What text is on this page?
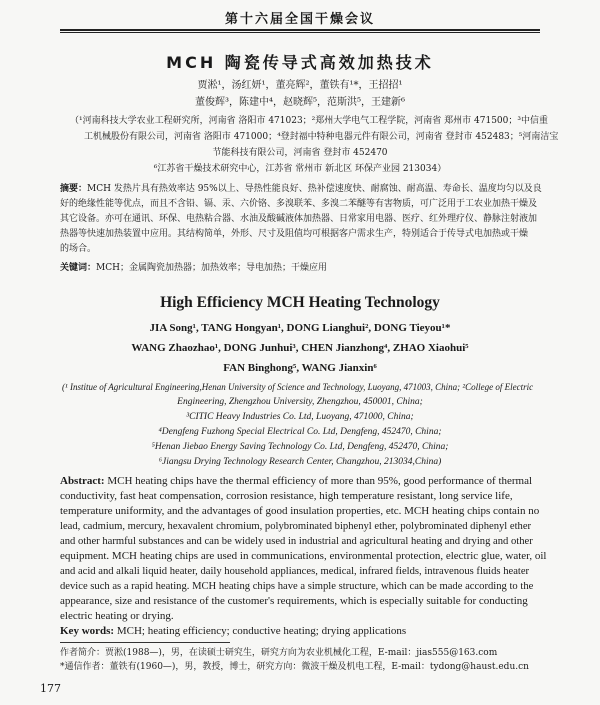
第十六届全国干燥会议
MCH 陶瓷传导式高效加热技术
贾淞¹，汤红妍¹，董亮辉²，董铁有¹*，王招招¹
董俊辉³，陈建中⁴，赵晓辉⁵，范斯洪⁵，王建新⁶
（¹河南科技大学农业工程研究所，河南省 洛阳市 471023；²郑州大学电气工程学院，河南省 郑州市 471500；³中信重
工机械股份有限公司，河南省 洛阳市 471000；⁴登封福中特种电器元件有限公司，河南省 登封市 452483；⁵河南洁宝
节能科技有限公司，河南省 登封市 452470
⁶江苏省干燥技术研究中心，江苏省 常州市 新北区 环保产业园 213034）
摘要：MCH 发热片具有热效率达 95%以上、导热性能良好、热补偿速度快、耐腐蚀、耐高温、寿命长、温度均匀以及良
好的绝缘性能等优点，而且不含铅、镉、汞、六价铬、多溴联苯、多溴二苯醚等有害物质，可广泛用于工农业加热干燥及
其它设备。亦可在通讯、环保、电热粘合器、水油及酸碱液体加热器、日常家用电器、医疗、红外理疗仪、静脉注射液加
热器等快速加热装置中应用。其结构简单，外形、尺寸及阻值均可根据客户需求生产，特别适合于传导式电加热或干燥
的场合。
关键词：MCH；金属陶瓷加热器；加热效率；导电加热；干燥应用
High Efficiency MCH Heating Technology
JIA Song¹, TANG Hongyan¹, DONG Lianghui², DONG Tieyou¹*
WANG Zhaozhao¹, DONG Junhui³, CHEN Jianzhong⁴, ZHAO Xiaohui⁵
FAN Binghong⁵, WANG Jianxin⁶
(¹ Institue of Agricultural Engineering,Henan University of Science and Technology, Luoyang, 471003, China; ²College of Electric
Engineering, Zhengzhou University, Zhengzhou, 450001, China;
³CITIC Heavy Industries Co. Ltd, Luoyang, 471000, China;
⁴Dengfeng Fuzhong Special Electrical Co. Ltd, Dengfeng, 452470, China;
⁵Henan Jiebao Energy Saving Technology Co. Ltd, Dengfeng, 452470, China;
⁶Jiangsu Drying Technology Research Center, Changzhou, 213034,China)
Abstract: MCH heating chips have the thermal efficiency of more than 95%, good performance of thermal
conductivity, fast heat compensation, corrosion resistance, high temperature resistant, long service life,
temperature uniformity, and the advantages of good insulation properties, etc. MCH heating chips contain no
lead, cadmium, mercury, hexavalent chromium, polybrominated biphenyl ether, polybrominated diphenyl ether
and other harmful substances and can be widely used in industrial and agricultural heating and drying and other
equipment. MCH heating chips are used in communications, environmental protection, electric glue, water, oil
and acid and alkali liquid heater, daily household appliances, medical, infrared fields, intravenous fluids heater
device such as a rapid heating. MCH heating chips have a simple structure, which can be made according to the
appearance, size and resistance of the customer's requirements, which is especially suitable for conducting
electric heating or drying.
Key words: MCH; heating efficiency; conductive heating; drying applications
作者简介：贾淞(1988—)，男，在读硕士研究生，研究方向为农业机械化工程，E-mail：jias555@163.com
*通信作者：董铁有(1960—)，男，教授，博士，研究方向：微波干燥及机电工程，E-mail：tydong@haust.edu.cn
177
